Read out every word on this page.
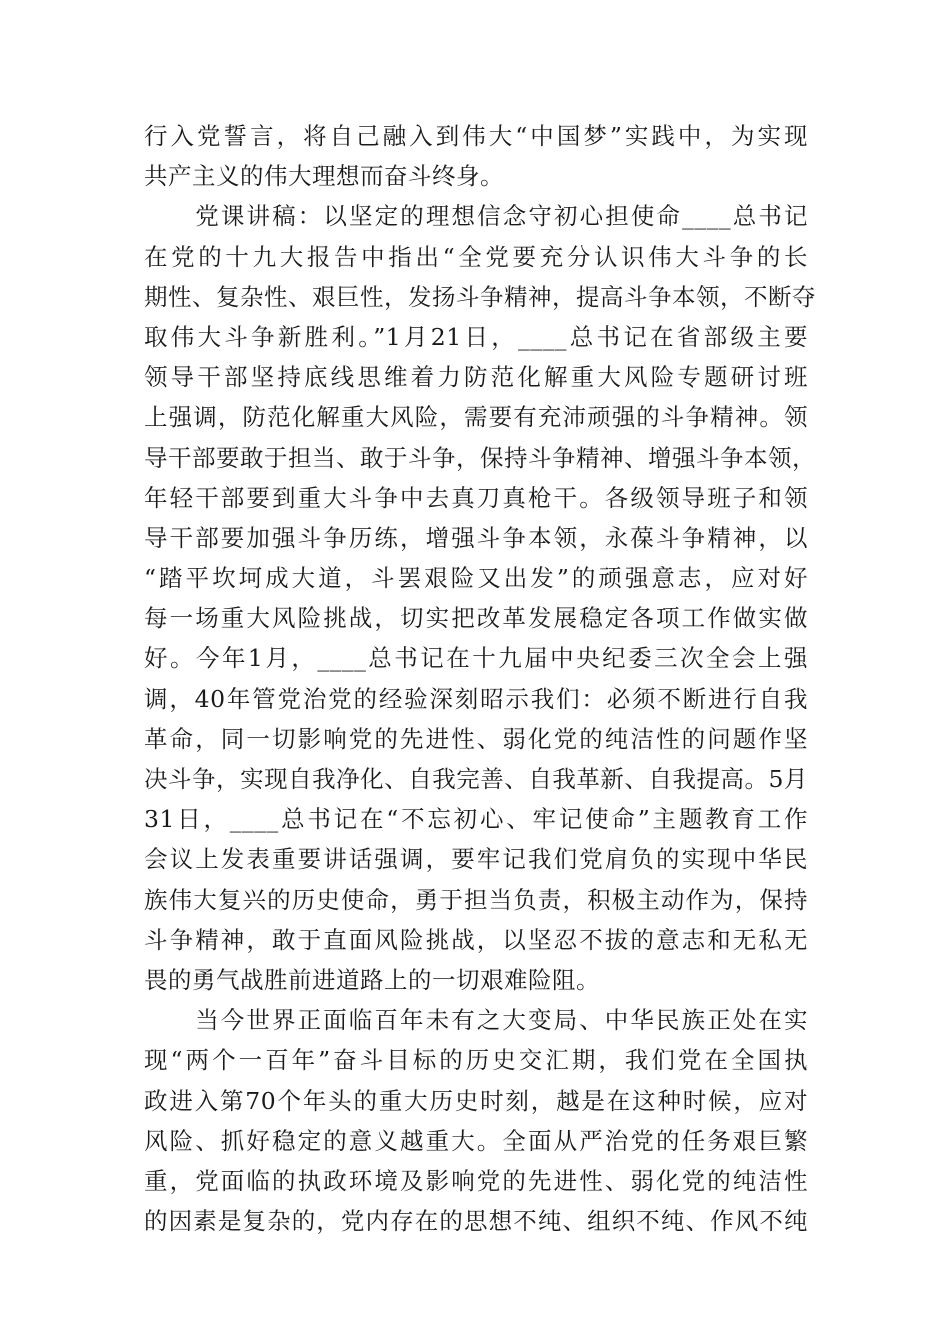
行入党誓言，将自己融入到伟大“中国梦”实践中，为实现
共产主义的伟大理想而奋斗终身。
　　党课讲稿：以坚定的理想信念守初心担使命____总书记
在党的十九大报告中指出“全党要充分认识伟大斗争的长
期性、复杂性、艰巨性，发扬斗争精神，提高斗争本领，不断夺
取伟大斗争新胜利。”1月21日，____总书记在省部级主要
领导干部坚持底线思维着力防范化解重大风险专题研讨班
上强调，防范化解重大风险，需要有充沛顽强的斗争精神。领
导干部要敢于担当、敢于斗争，保持斗争精神、增强斗争本领，
年轻干部要到重大斗争中去真刀真枪干。各级领导班子和领
导干部要加强斗争历练，增强斗争本领，永葆斗争精神，以
“踏平坎坷成大道，斗罢艰险又出发”的顽强意志，应对好
每一场重大风险挑战，切实把改革发展稳定各项工作做实做
好。今年1月，____总书记在十九届中央纪委三次全会上强
调，40年管党治党的经验深刻昭示我们：必须不断进行自我
革命，同一切影响党的先进性、弱化党的纯洁性的问题作坚
决斗争，实现自我净化、自我完善、自我革新、自我提高。5月
31日，____总书记在“不忘初心、牢记使命”主题教育工作
会议上发表重要讲话强调，要牢记我们党肩负的实现中华民
族伟大复兴的历史使命，勇于担当负责，积极主动作为，保持
斗争精神，敢于直面风险挑战，以坚忍不拔的意志和无私无
畏的勇气战胜前进道路上的一切艰难险阻。
　　当今世界正面临百年未有之大变局、中华民族正处在实
现“两个一百年”奋斗目标的历史交汇期，我们党在全国执
政进入第70个年头的重大历史时刻，越是在这种时候，应对
风险、抓好稳定的意义越重大。全面从严治党的任务艰巨繁
重，党面临的执政环境及影响党的先进性、弱化党的纯洁性
的因素是复杂的，党内存在的思想不纯、组织不纯、作风不纯
